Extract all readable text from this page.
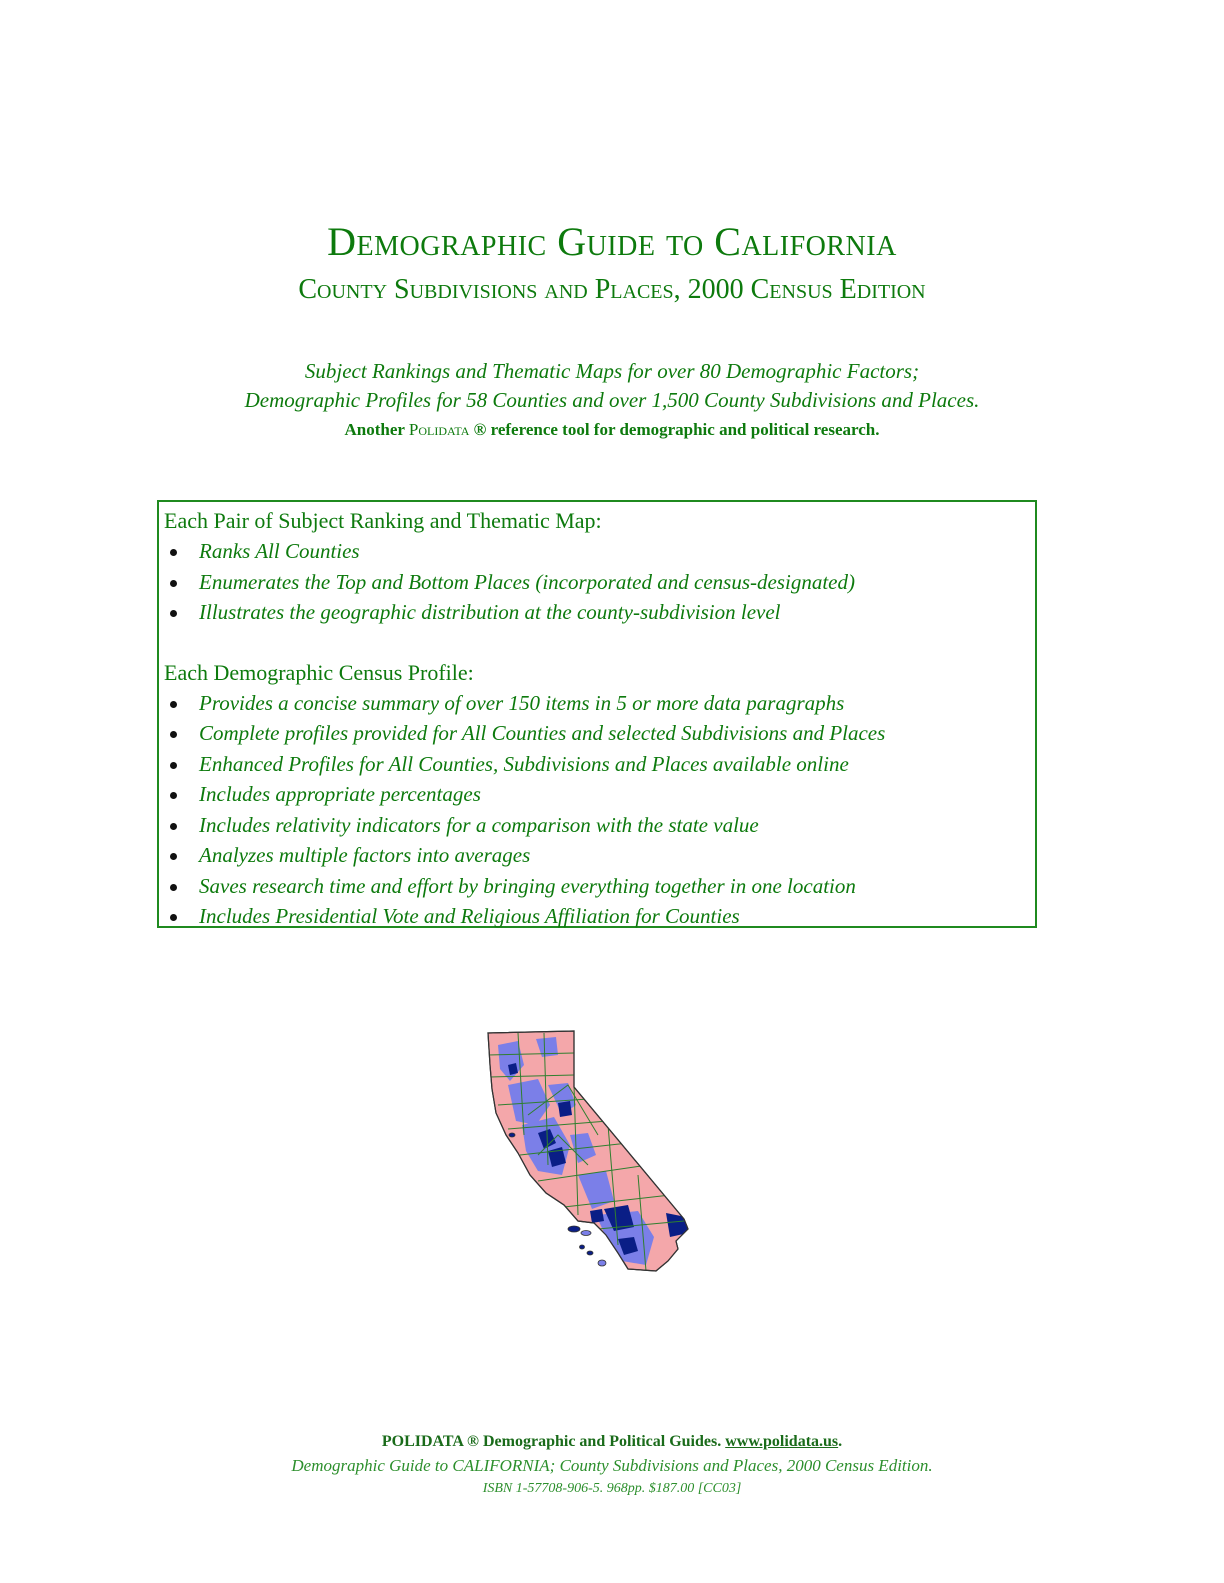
Demographic Guide to California
County Subdivisions and Places, 2000 Census Edition
Subject Rankings and Thematic Maps for over 80 Demographic Factors;
Demographic Profiles for 58 Counties and over 1,500 County Subdivisions and Places.
Another Polidata ® reference tool for demographic and political research.
Each Pair of Subject Ranking and Thematic Map:
Ranks All Counties
Enumerates the Top and Bottom Places (incorporated and census-designated)
Illustrates the geographic distribution at the county-subdivision level
Each Demographic Census Profile:
Provides a concise summary of over 150 items in 5 or more data paragraphs
Complete profiles provided for All Counties and selected Subdivisions and Places
Enhanced Profiles for All Counties, Subdivisions and Places available online
Includes appropriate percentages
Includes relativity indicators for a comparison with the state value
Analyzes multiple factors into averages
Saves research time and effort by bringing everything together in one location
Includes Presidential Vote and Religious Affiliation for Counties
POLIDATA ® Demographic and Political Guides. www.polidata.us.
Demographic Guide to CALIFORNIA; County Subdivisions and Places, 2000 Census Edition.
ISBN 1-57708-906-5. 968pp. $187.00 [CC03]
